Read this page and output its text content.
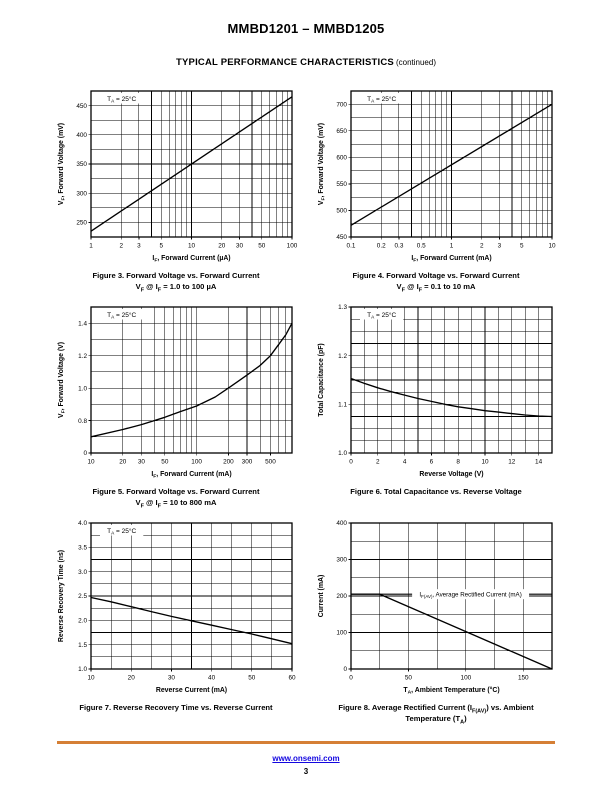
MMBD1201 – MMBD1205
TYPICAL PERFORMANCE CHARACTERISTICS (continued)
$T_A = 25^\circ C$
1	2 3	5	10	20 30 50	100
250
300
350
400
450
$I_F$, Forward Current (µA)
$V_F$, Forward Voltage (mV)
Figure 3. Forward Voltage vs. Forward Current
$V_F$ @ $I_F = 1.0$ to 100 µA
$T_A = 25^\circ C$
0.1	0.2 0.3 0.5	1	2 3	5	10
450
500
550
600
650
700
$I_F$, Forward Current (mA)
$V_F$, Forward Voltage (mV)
Figure 4. Forward Voltage vs. Forward Current
$V_F$ @ $I_F = 0.1$ to 10 mA
$T_A = 25^\circ C$
10	20 30	50	100	200 300 500
0
0.8
1.0
1.2
1.4
$I_F$, Forward Current (mA)
$V_F$, Forward Voltage (V)
Figure 5. Forward Voltage vs. Forward Current
$V_F$ @ $I_F = 10$ to 800 mA
$T_A = 25^\circ C$
0	2	4	6	8	10	12	14
1.0
1.1
1.2
1.3
Reverse Voltage (V)
Total Capacitance (pF)
Figure 6. Total Capacitance vs. Reverse Voltage
$T_A = 25^\circ C$
10	20	30	40	50	60
1.0
1.5
2.0
2.5
3.0
3.5
4.0
Reverse Current (mA)
Reverse Recovery Time (ns)
Figure 7. Reverse Recovery Time vs. Reverse Current
$I_{F(AV)}$, Average Rectified Current (mA)
0	50	100	150
0
100
200
300
400
$T_A$, Ambient Temperature (°C)
Current (mA)
Figure 8. Average Rectified Current $(I_{F(AV)})$ vs. Ambient Temperature $(T_A)$
www.onsemi.com
3
